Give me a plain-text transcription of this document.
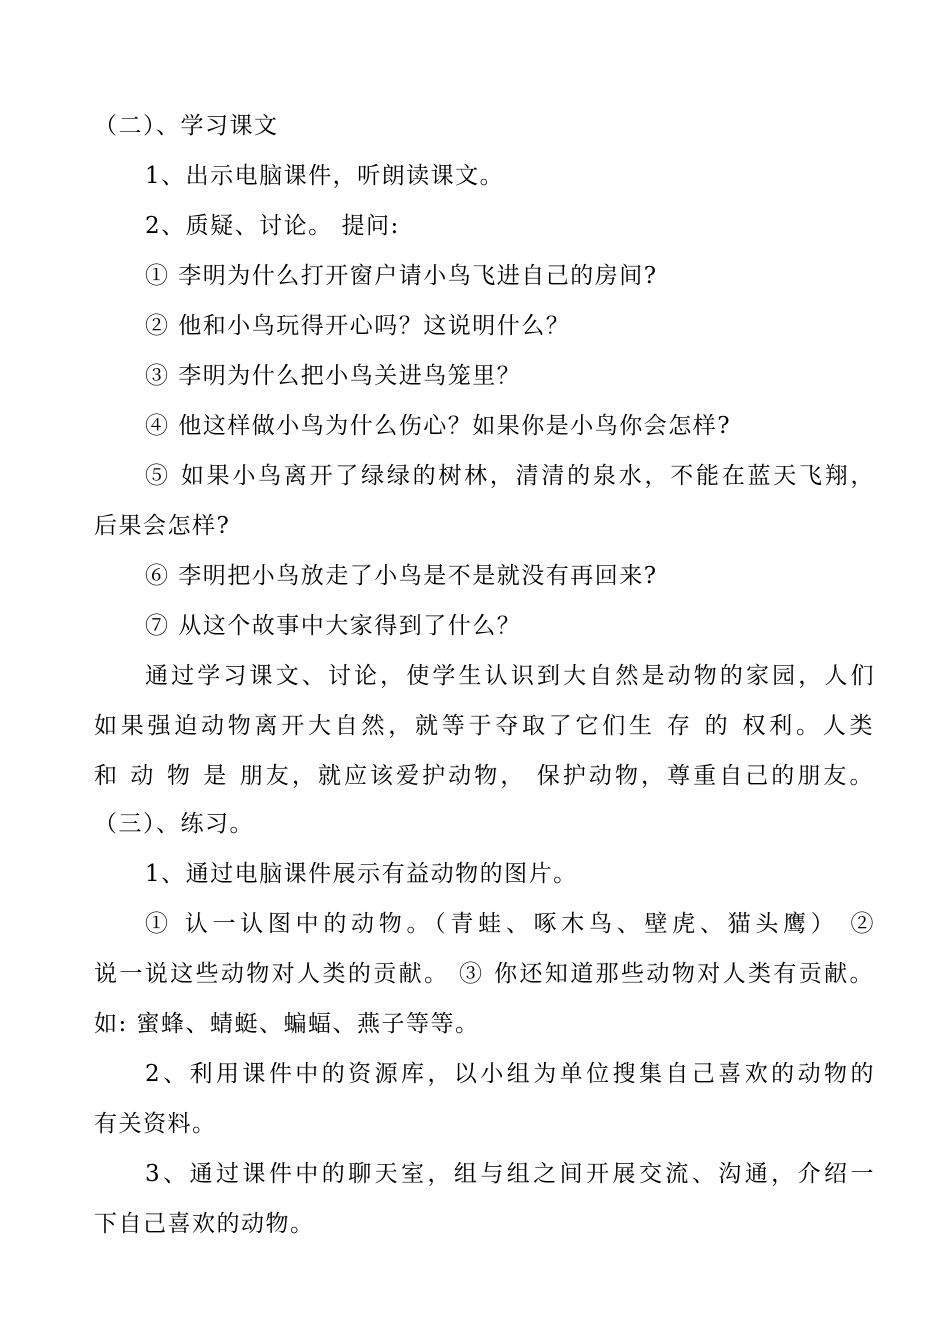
（二）、学习课文
1、出示电脑课件，听朗读课文。
2、质疑、讨论。 提问:
① 李明为什么打开窗户请小鸟飞进自己的房间?
② 他和小鸟玩得开心吗？这说明什么？
③ 李明为什么把小鸟关进鸟笼里？
④ 他这样做小鸟为什么伤心？如果你是小鸟你会怎样?
⑤ 如果小鸟离开了绿绿的树林，清清的泉水，不能在蓝天飞翔，
后果会怎样?
⑥ 李明把小鸟放走了小鸟是不是就没有再回来?
⑦ 从这个故事中大家得到了什么？
通过学习课文、讨论，使学生认识到大自然是动物的家园，人们
如果强迫动物离开大自然，就等于夺取了它们生 存 的 权利。人类
和 动 物 是 朋友，就应该爱护动物， 保护动物，尊重自己的朋友。
（三）、练习。
1、通过电脑课件展示有益动物的图片。
① 认一认图中的动物。（青蛙、啄木鸟、壁虎、猫头鹰） ②
说一说这些动物对人类的贡献。 ③ 你还知道那些动物对人类有贡献。
如: 蜜蜂、蜻蜓、蝙蝠、燕子等等。
2、利用课件中的资源库，以小组为单位搜集自己喜欢的动物的
有关资料。
3、通过课件中的聊天室，组与组之间开展交流、沟通，介绍一
下自己喜欢的动物。
